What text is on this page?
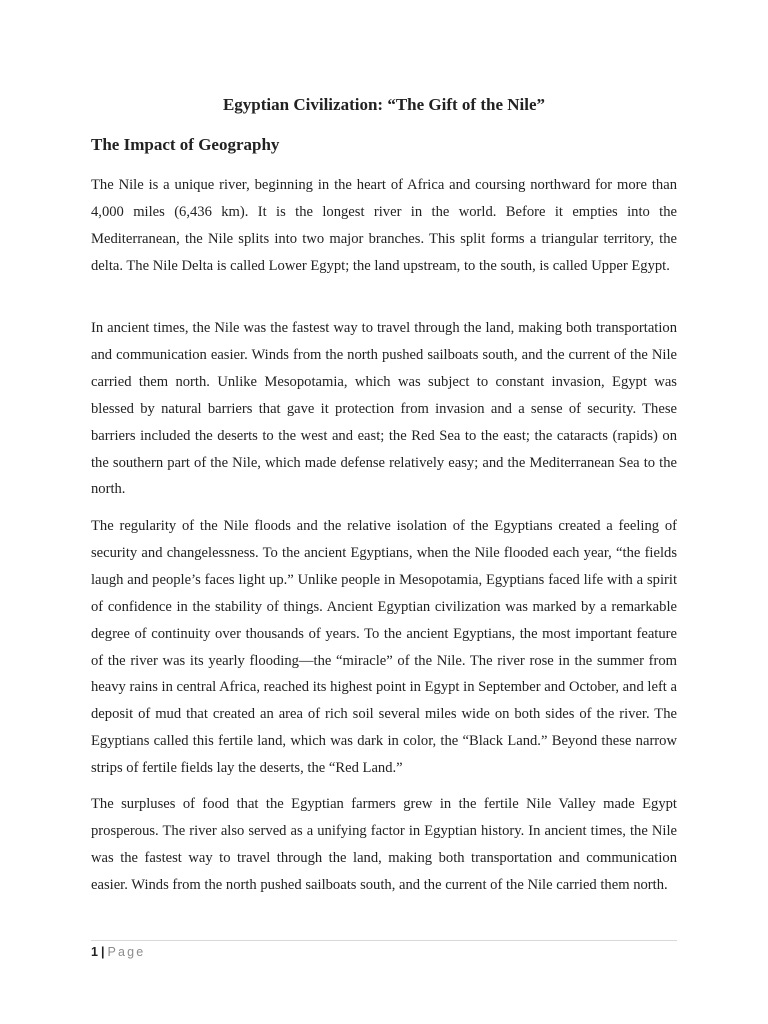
Egyptian Civilization: “The Gift of the Nile”
The Impact of Geography

The Nile is a unique river, beginning in the heart of Africa and coursing northward for more than 4,000 miles (6,436 km). It is the longest river in the world. Before it empties into the Mediterranean, the Nile splits into two major branches. This split forms a triangular territory, the delta. The Nile Delta is called Lower Egypt; the land upstream, to the south, is called Upper Egypt.

In ancient times, the Nile was the fastest way to travel through the land, making both transportation and communication easier. Winds from the north pushed sailboats south, and the current of the Nile carried them north. Unlike Mesopotamia, which was subject to constant invasion, Egypt was blessed by natural barriers that gave it protection from invasion and a sense of security. These barriers included the deserts to the west and east; the Red Sea to the east; the cataracts (rapids) on the southern part of the Nile, which made defense relatively easy; and the Mediterranean Sea to the north.

The regularity of the Nile floods and the relative isolation of the Egyptians created a feeling of security and changelessness. To the ancient Egyptians, when the Nile flooded each year, “the fields laugh and people’s faces light up.” Unlike people in Mesopotamia, Egyptians faced life with a spirit of confidence in the stability of things. Ancient Egyptian civilization was marked by a remarkable degree of continuity over thousands of years. To the ancient Egyptians, the most important feature of the river was its yearly flooding—the “miracle” of the Nile. The river rose in the summer from heavy rains in central Africa, reached its highest point in Egypt in September and October, and left a deposit of mud that created an area of rich soil several miles wide on both sides of the river. The Egyptians called this fertile land, which was dark in color, the “Black Land.” Beyond these narrow strips of fertile fields lay the deserts, the “Red Land.”

The surpluses of food that the Egyptian farmers grew in the fertile Nile Valley made Egypt prosperous. The river also served as a unifying factor in Egyptian history. In ancient times, the Nile was the fastest way to travel through the land, making both transportation and communication easier. Winds from the north pushed sailboats south, and the current of the Nile carried them north.

1 | Page
